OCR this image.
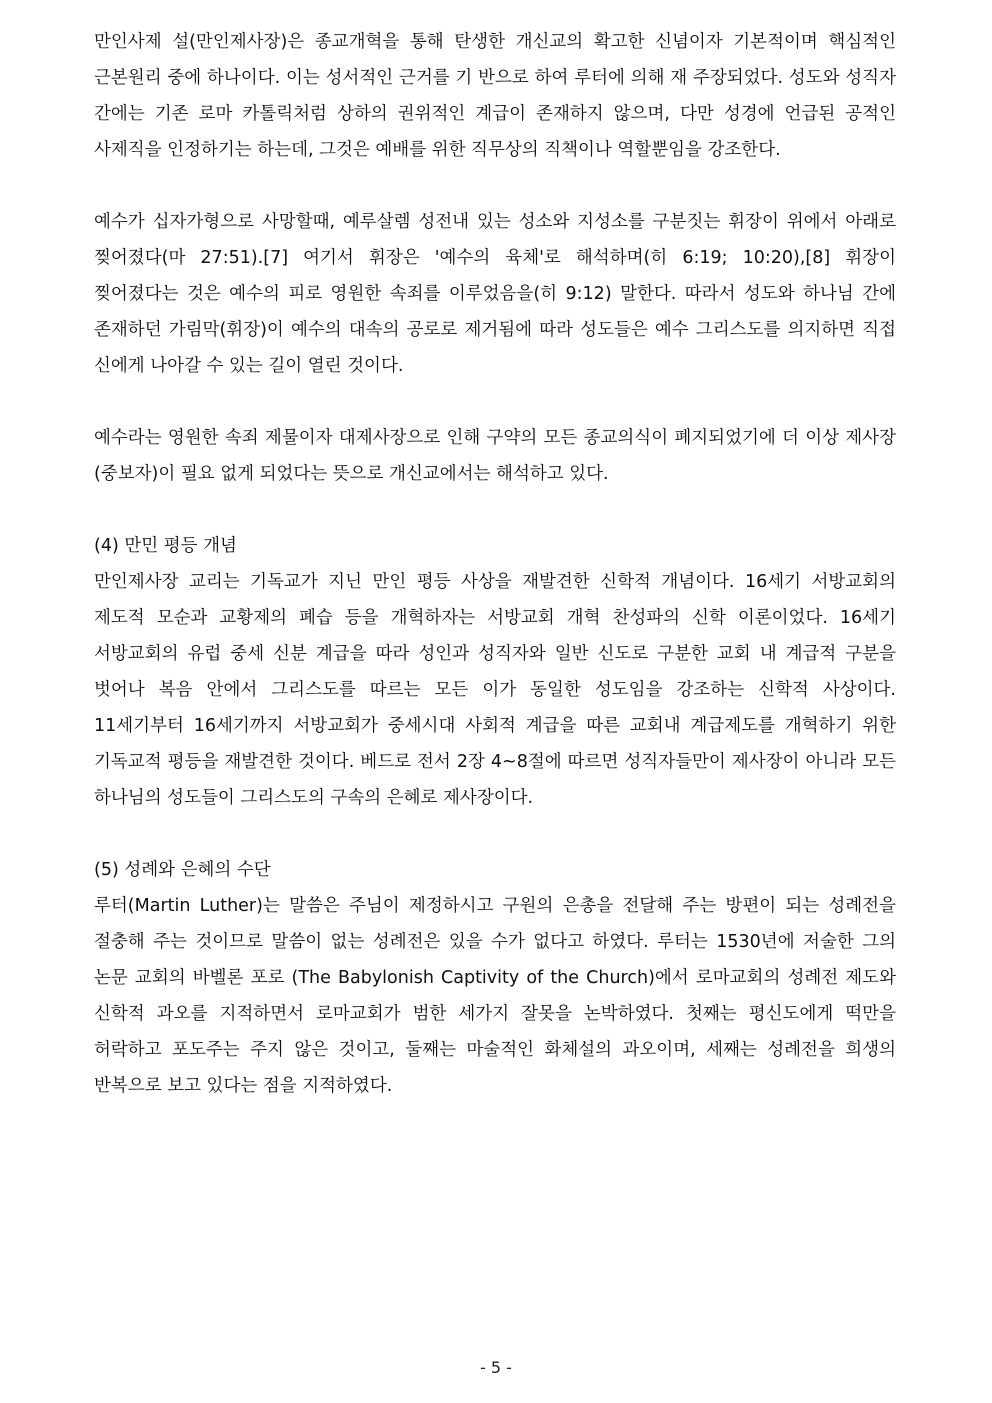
만인사제 설(만인제사장)은 종교개혁을 통해 탄생한 개신교의 확고한 신념이자 기본적이며 핵심적인 근본원리 중에 하나이다. 이는 성서적인 근거를 기 반으로 하여 루터에 의해 재 주장되었다. 성도와 성직자 간에는 기존 로마 카톨릭처럼 상하의 권위적인 계급이 존재하지 않으며, 다만 성경에 언급된 공적인 사제직을 인정하기는 하는데, 그것은 예배를 위한 직무상의 직책이나 역할뿐임을 강조한다.

예수가 십자가형으로 사망할때, 예루살렘 성전내 있는 성소와 지성소를 구분짓는 휘장이 위에서 아래로 찢어졌다(마 27:51).[7] 여기서 휘장은 '예수의 육체'로 해석하며(히 6:19; 10:20),[8] 휘장이 찢어졌다는 것은 예수의 피로 영원한 속죄를 이루었음을(히 9:12) 말한다. 따라서 성도와 하나님 간에 존재하던 가림막(휘장)이 예수의 대속의 공로로 제거됨에 따라 성도들은 예수 그리스도를 의지하면 직접 신에게 나아갈 수 있는 길이 열린 것이다.

예수라는 영원한 속죄 제물이자 대제사장으로 인해 구약의 모든 종교의식이 폐지되었기에 더 이상 제사장(중보자)이 필요 없게 되었다는 뜻으로 개신교에서는 해석하고 있다.

(4) 만민 평등 개념

만인제사장 교리는 기독교가 지닌 만인 평등 사상을 재발견한 신학적 개념이다. 16세기 서방교회의 제도적 모순과 교황제의 폐습 등을 개혁하자는 서방교회 개혁 찬성파의 신학 이론이었다. 16세기 서방교회의 유럽 중세 신분 계급을 따라 성인과 성직자와 일반 신도로 구분한 교회 내 계급적 구분을 벗어나 복음 안에서 그리스도를 따르는 모든 이가 동일한 성도임을 강조하는 신학적 사상이다. 11세기부터 16세기까지 서방교회가 중세시대 사회적 계급을 따른 교회내 계급제도를 개혁하기 위한 기독교적 평등을 재발견한 것이다. 베드로 전서 2장 4~8절에 따르면 성직자들만이 제사장이 아니라 모든 하나님의 성도들이 그리스도의 구속의 은혜로 제사장이다.

(5) 성례와 은혜의 수단

루터(Martin Luther)는 말씀은 주님이 제정하시고 구원의 은총을 전달해 주는 방편이 되는 성례전을 절충해 주는 것이므로 말씀이 없는 성례전은 있을 수가 없다고 하였다. 루터는 1530년에 저술한 그의 논문 교회의 바벨론 포로 (The Babylonish Captivity of the Church)에서 로마교회의 성례전 제도와 신학적 과오를 지적하면서 로마교회가 범한 세가지 잘못을 논박하였다. 첫째는 평신도에게 떡만을 허락하고 포도주는 주지 않은 것이고, 둘째는 마술적인 화체설의 과오이며, 세째는 성례전을 희생의 반복으로 보고 있다는 점을 지적하였다.

- 5 -
